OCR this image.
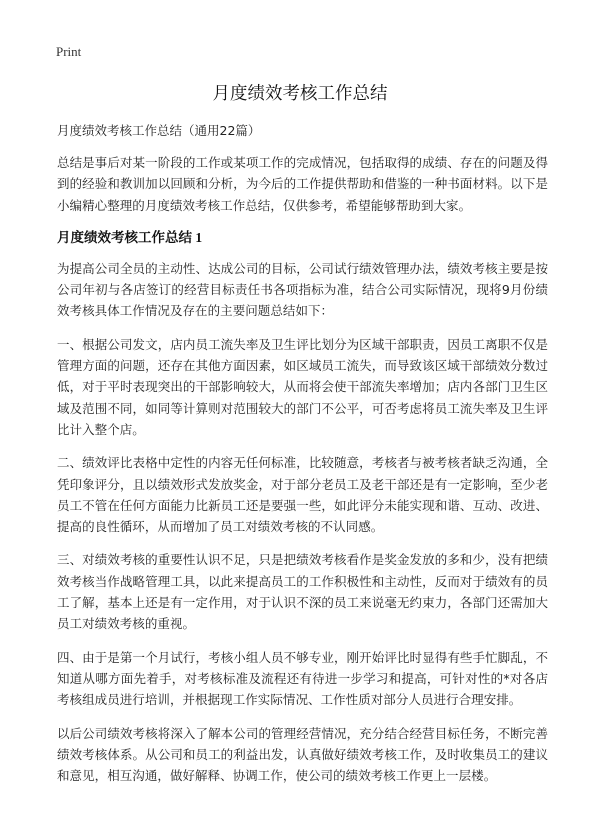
Print
月度绩效考核工作总结

月度绩效考核工作总结（通用22篇）

总结是事后对某一阶段的工作或某项工作的完成情况，包括取得的成绩、存在的问题及得到的经验和教训加以回顾和分析，为今后的工作提供帮助和借鉴的一种书面材料。以下是小编精心整理的月度绩效考核工作总结，仅供参考，希望能够帮助到大家。

月度绩效考核工作总结 1

为提高公司全员的主动性、达成公司的目标，公司试行绩效管理办法，绩效考核主要是按公司年初与各店签订的经营目标责任书各项指标为准，结合公司实际情况，现将9月份绩效考核具体工作情况及存在的主要问题总结如下：

一、根据公司发文，店内员工流失率及卫生评比划分为区域干部职责，因员工离职不仅是管理方面的问题，还存在其他方面因素，如区域员工流失，而导致该区域干部绩效分数过低，对于平时表现突出的干部影响较大，从而将会使干部流失率增加；店内各部门卫生区域及范围不同，如同等计算则对范围较大的部门不公平，可否考虑将员工流失率及卫生评比计入整个店。

二、绩效评比表格中定性的内容无任何标准，比较随意，考核者与被考核者缺乏沟通，全凭印象评分，且以绩效形式发放奖金，对于部分老员工及老干部还是有一定影响，至少老员工不管在任何方面能力比新员工还是要强一些，如此评分未能实现和谐、互动、改进、提高的良性循环，从而增加了员工对绩效考核的不认同感。

三、对绩效考核的重要性认识不足，只是把绩效考核看作是奖金发放的多和少，没有把绩效考核当作战略管理工具，以此来提高员工的工作积极性和主动性，反而对于绩效有的员工了解，基本上还是有一定作用，对于认识不深的员工来说毫无约束力，各部门还需加大员工对绩效考核的重视。

四、由于是第一个月试行，考核小组人员不够专业，刚开始评比时显得有些手忙脚乱，不知道从哪方面先着手，对考核标准及流程还有待进一步学习和提高，可针对性的*对各店考核组成员进行培训，并根据现工作实际情况、工作性质对部分人员进行合理安排。

以后公司绩效考核将深入了解本公司的管理经营情况，充分结合经营目标任务，不断完善绩效考核体系。从公司和员工的利益出发，认真做好绩效考核工作，及时收集员工的建议和意见，相互沟通，做好解释、协调工作，使公司的绩效考核工作更上一层楼。
